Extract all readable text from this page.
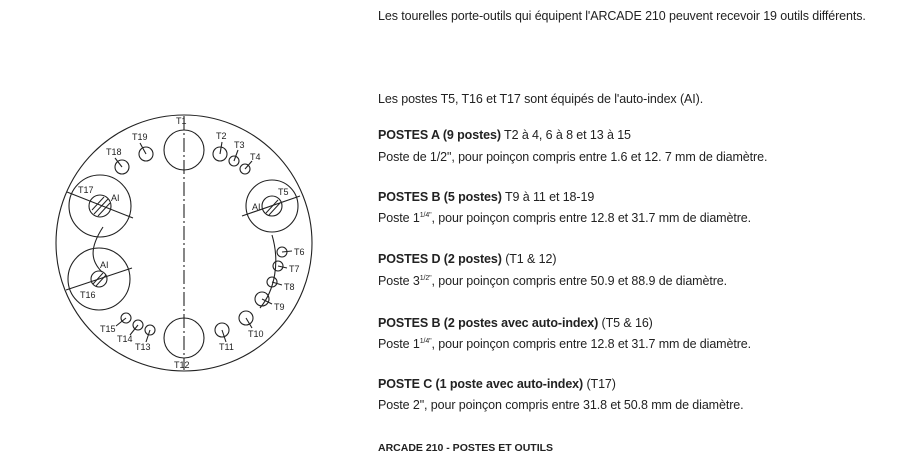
T1
T2
T3
T4
T5
T6
T7
T8
T9
T10
T11
T12
T13
T14
T15
T16
T17
T18
T19
AI
AI
AI
Les tourelles porte-outils qui équipent l'ARCADE 210 peuvent recevoir 19 outils différents.
Les postes T5, T16 et T17 sont équipés de l'auto-index (AI).
POSTES A (9 postes) T2 à 4, 6 à 8 et 13 à 15
Poste de 1/2", pour poinçon compris entre 1.6 et 12. 7 mm de diamètre.
POSTES B (5 postes) T9 à 11 et 18-19
Poste $1^{1/4"}$, pour poinçon compris entre 12.8 et 31.7 mm de diamètre.
POSTES D (2 postes) (T1 & 12)
Poste $3^{1/2"}$, pour poinçon compris entre 50.9 et 88.9 de diamètre.
POSTES B (2 postes avec auto-index) (T5 & 16)
Poste $1^{1/4"}$, pour poinçon compris entre 12.8 et 31.7 mm de diamètre.
POSTE C (1 poste avec auto-index) (T17)
Poste 2", pour poinçon compris entre 31.8 et 50.8 mm de diamètre.
ARCADE 210 - POSTES ET OUTILS
